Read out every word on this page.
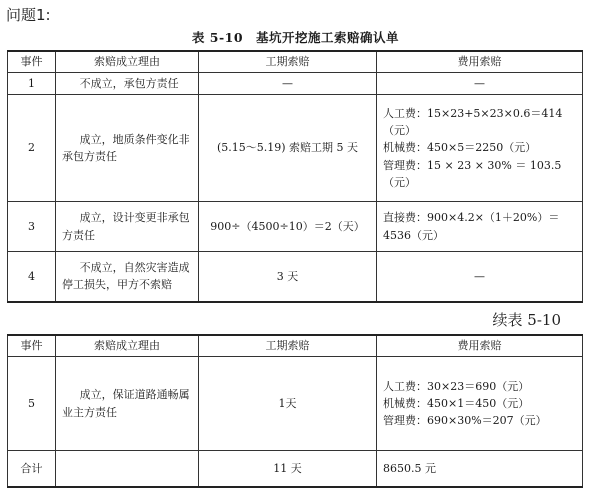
问题1:
表 5-10　基坑开挖施工索赔确认单
事件	索赔成立理由	工期索赔	费用索赔
1	不成立，承包方责任	—	—
2	成立，地质条件变化非承包方责任	(5.15～5.19) 索赔工期 5 天	人工费：15×23+5×23×0.6＝414（元）
机械费：450×5＝2250（元）
管理费：15 × 23 × 30% ＝ 103.5（元）

3	成立，设计变更非承包方责任	900÷（4500÷10）＝2（天）	直接费：900×4.2×（1＋20%）＝4536（元）
4	不成立，自然灾害造成停工损失，甲方不索赔	3 天	—
续表 5-10
事件	索赔成立理由	工期索赔	费用索赔
5	成立，保证道路通畅属业主方责任	1天	人工费：30×23＝690（元）
机械费：450×1＝450（元）
管理费：690×30%＝207（元）

合计		11 天	8650.5 元
